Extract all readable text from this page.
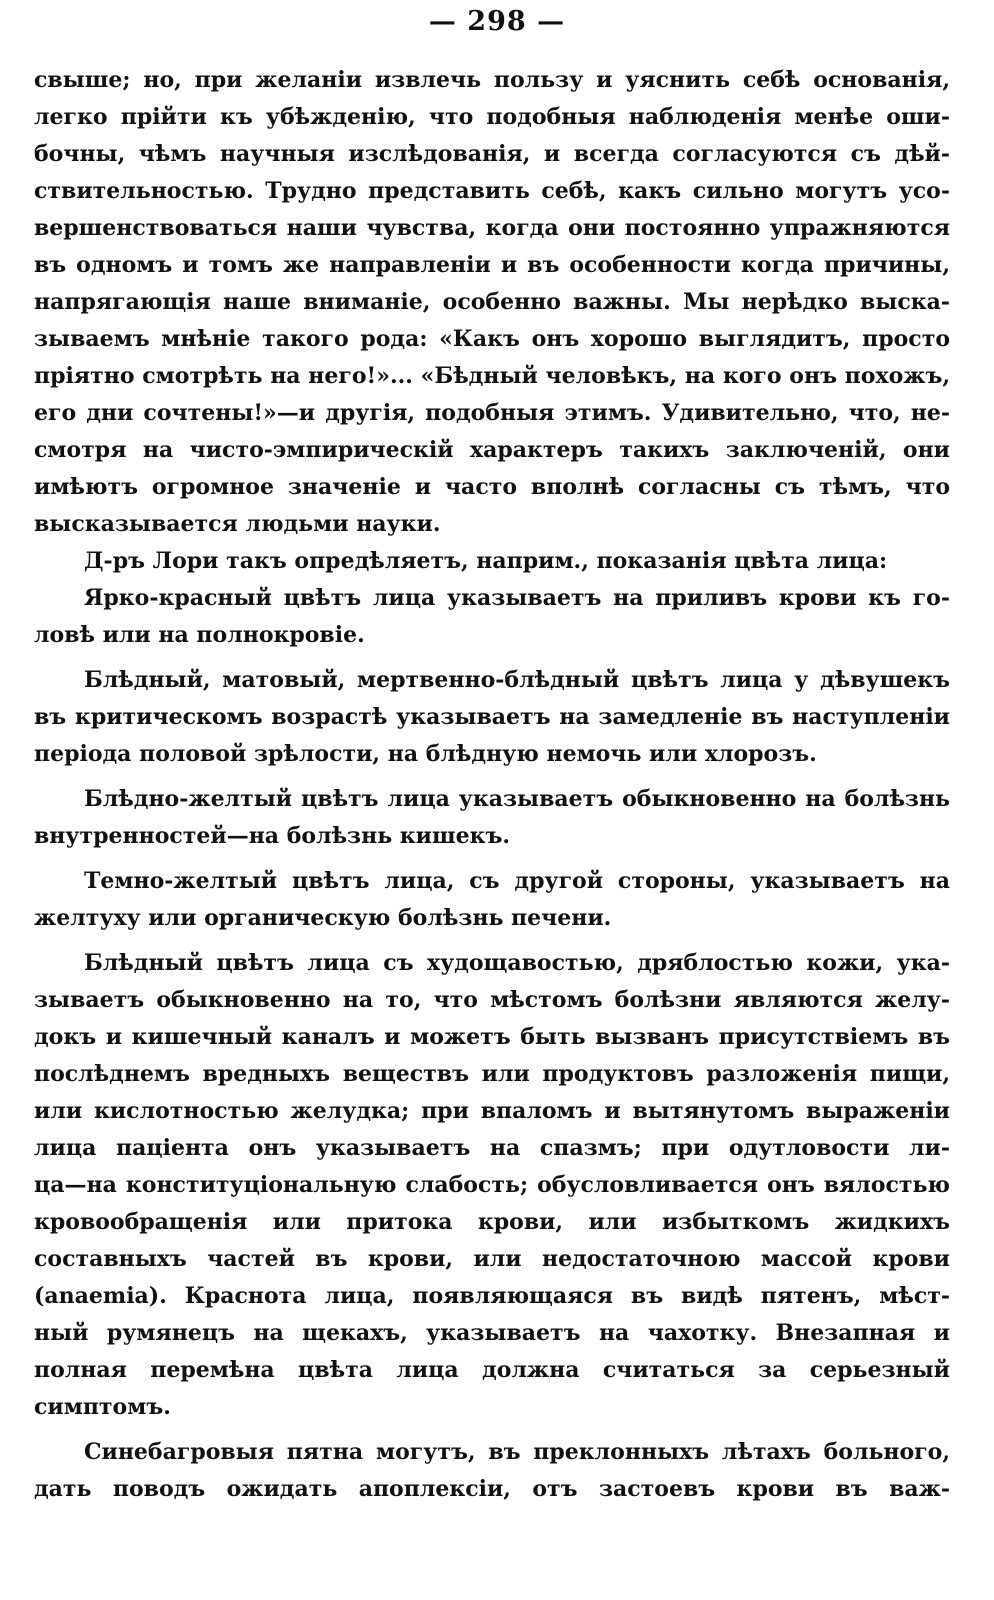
— 298 —
свыше; но, при желаніи извлечь пользу и уяснить себѣ основанія,
легко прійти къ убѣжденію, что подобныя наблюденія менѣе оши-
бочны, чѣмъ научныя изслѣдованія, и всегда согласуются съ дѣй-
ствительностью. Трудно представить себѣ, какъ сильно могутъ усо-
вершенствоваться наши чувства, когда они постоянно упражняются
въ одномъ и томъ же направленіи и въ особенности когда причины,
напрягающія наше вниманіе, особенно важны. Мы нерѣдко выска-
зываемъ мнѣніе такого рода: «Какъ онъ хорошо выглядитъ, просто
пріятно смотрѣть на него!»... «Бѣдный человѣкъ, на кого онъ похожъ,
его дни сочтены!»—и другія, подобныя этимъ. Удивительно, что, не-
смотря на чисто-эмпирическій характеръ такихъ заключеній, они
имѣютъ огромное значеніе и часто вполнѣ согласны съ тѣмъ, что
высказывается людьми науки.
Д-ръ Лори такъ опредѣляетъ, наприм., показанія цвѣта лица:
Ярко-красный цвѣтъ лица указываетъ на приливъ крови къ го-
ловѣ или на полнокровіе.
Блѣдный, матовый, мертвенно-блѣдный цвѣтъ лица у дѣвушекъ
въ критическомъ возрастѣ указываетъ на замедленіе въ наступленіи
періода половой зрѣлости, на блѣдную немочь или хлорозъ.
Блѣдно-желтый цвѣтъ лица указываетъ обыкновенно на болѣзнь
внутренностей—на болѣзнь кишекъ.
Темно-желтый цвѣтъ лица, съ другой стороны, указываетъ на
желтуху или органическую болѣзнь печени.
Блѣдный цвѣтъ лица съ худощавостью, дряблостью кожи, ука-
зываетъ обыкновенно на то, что мѣстомъ болѣзни являются желу-
докъ и кишечный каналъ и можетъ быть вызванъ присутствіемъ въ
послѣднемъ вредныхъ веществъ или продуктовъ разложенія пищи,
или кислотностью желудка; при впаломъ и вытянутомъ выраженіи
лица паціента онъ указываетъ на спазмъ; при одутловости ли-
ца—на конституціональную слабость; обусловливается онъ вялостью
кровообращенія или притока крови, или избыткомъ жидкихъ
составныхъ частей въ крови, или недостаточною массой крови
(anaemia). Краснота лица, появляющаяся въ видѣ пятенъ, мѣст-
ный румянецъ на щекахъ, указываетъ на чахотку. Внезапная и
полная перемѣна цвѣта лица должна считаться за серьезный
симптомъ.
Синебагровыя пятна могутъ, въ преклонныхъ лѣтахъ больного,
дать поводъ ожидать апоплексіи, отъ застоевъ крови въ важ-
